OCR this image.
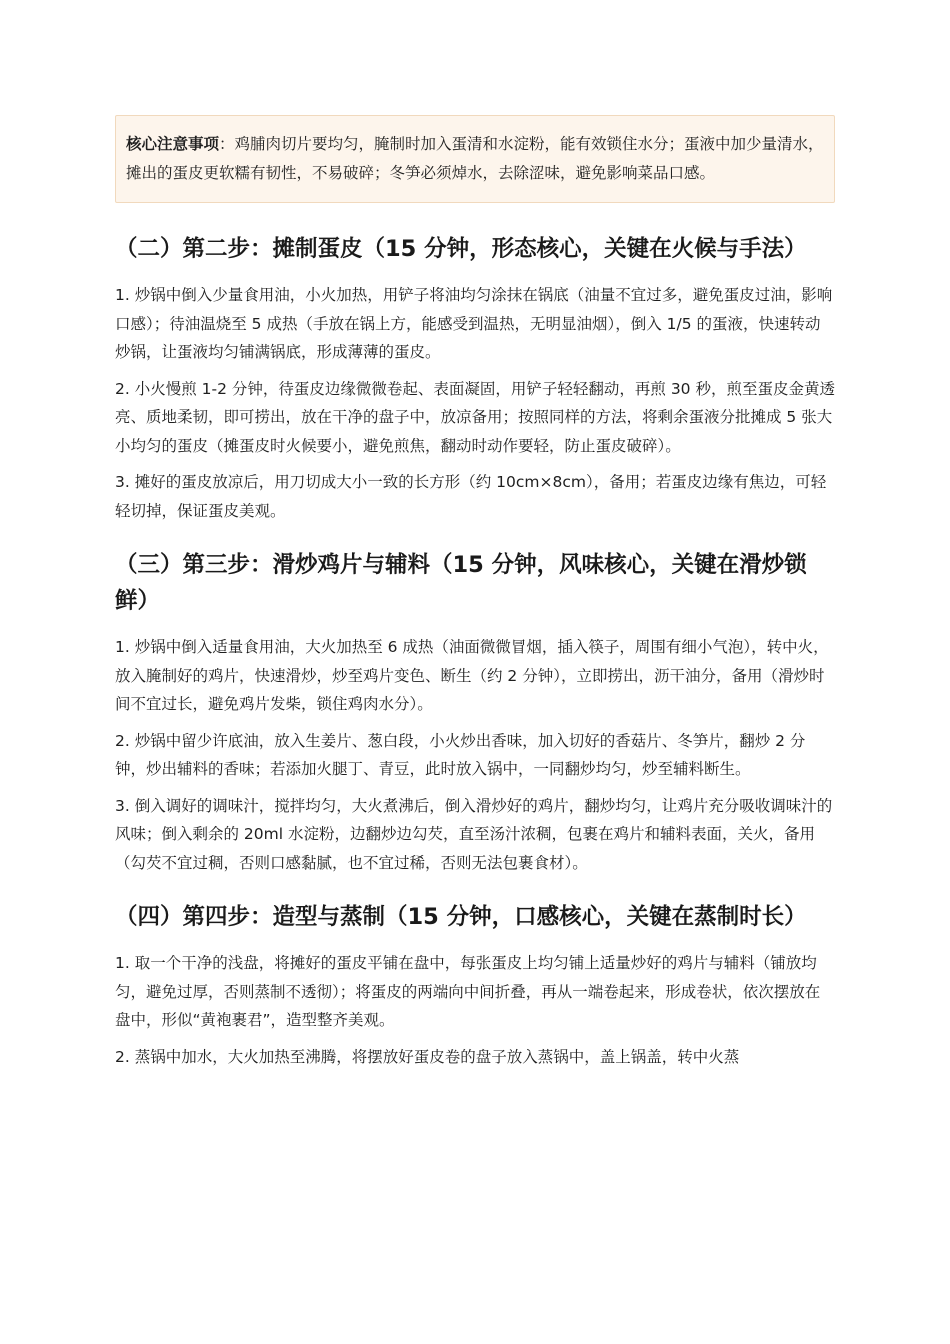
核心注意事项：鸡脯肉切片要均匀，腌制时加入蛋清和水淀粉，能有效锁住水分；蛋液中加少量清水，摊出的蛋皮更软糯有韧性，不易破碎；冬笋必须焯水，去除涩味，避免影响菜品口感。
（二）第二步：摊制蛋皮（15 分钟，形态核心，关键在火候与手法）

1. 炒锅中倒入少量食用油，小火加热，用铲子将油均匀涂抹在锅底（油量不宜过多，避免蛋皮过油，影响口感）；待油温烧至 5 成热（手放在锅上方，能感受到温热，无明显油烟），倒入 1/5 的蛋液，快速转动炒锅，让蛋液均匀铺满锅底，形成薄薄的蛋皮。

2. 小火慢煎 1-2 分钟，待蛋皮边缘微微卷起、表面凝固，用铲子轻轻翻动，再煎 30 秒，煎至蛋皮金黄透亮、质地柔韧，即可捞出，放在干净的盘子中，放凉备用；按照同样的方法，将剩余蛋液分批摊成 5 张大小均匀的蛋皮（摊蛋皮时火候要小，避免煎焦，翻动时动作要轻，防止蛋皮破碎）。

3. 摊好的蛋皮放凉后，用刀切成大小一致的长方形（约 10cm×8cm），备用；若蛋皮边缘有焦边，可轻轻切掉，保证蛋皮美观。

（三）第三步：滑炒鸡片与辅料（15 分钟，风味核心，关键在滑炒锁鲜）

1. 炒锅中倒入适量食用油，大火加热至 6 成热（油面微微冒烟，插入筷子，周围有细小气泡），转中火，放入腌制好的鸡片，快速滑炒，炒至鸡片变色、断生（约 2 分钟），立即捞出，沥干油分，备用（滑炒时间不宜过长，避免鸡片发柴，锁住鸡肉水分）。

2. 炒锅中留少许底油，放入生姜片、葱白段，小火炒出香味，加入切好的香菇片、冬笋片，翻炒 2 分钟，炒出辅料的香味；若添加火腿丁、青豆，此时放入锅中，一同翻炒均匀，炒至辅料断生。

3. 倒入调好的调味汁，搅拌均匀，大火煮沸后，倒入滑炒好的鸡片，翻炒均匀，让鸡片充分吸收调味汁的风味；倒入剩余的 20ml 水淀粉，边翻炒边勾芡，直至汤汁浓稠，包裹在鸡片和辅料表面，关火，备用（勾芡不宜过稠，否则口感黏腻，也不宜过稀，否则无法包裹食材）。

（四）第四步：造型与蒸制（15 分钟，口感核心，关键在蒸制时长）

1. 取一个干净的浅盘，将摊好的蛋皮平铺在盘中，每张蛋皮上均匀铺上适量炒好的鸡片与辅料（铺放均匀，避免过厚，否则蒸制不透彻）；将蛋皮的两端向中间折叠，再从一端卷起来，形成卷状，依次摆放在盘中，形似“黄袍裹君”，造型整齐美观。

2. 蒸锅中加水，大火加热至沸腾，将摆放好蛋皮卷的盘子放入蒸锅中，盖上锅盖，转中火蒸
